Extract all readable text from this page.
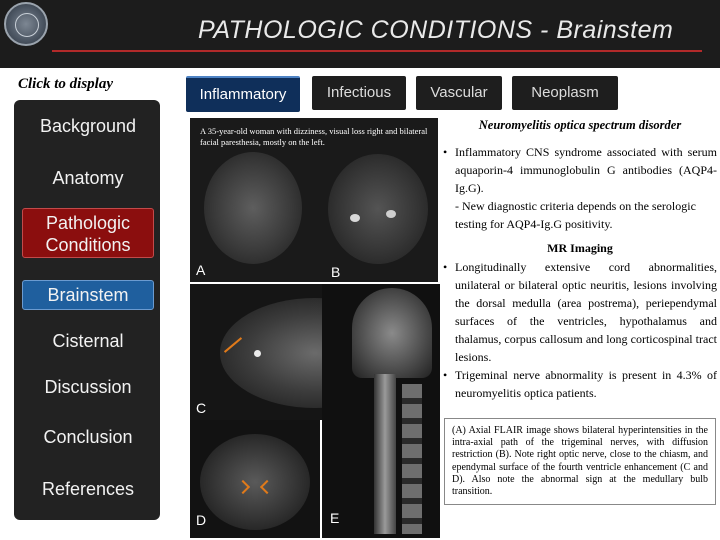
PATHOLOGIC CONDITIONS - Brainstem
Click to display
Background
Anatomy
Pathologic Conditions
Brainstem
Cisternal
Discussion
Conclusion
References
Inflammatory	Infectious	Vascular	Neoplasm
A 35-year-old woman with dizziness, visual loss right and bilateral facial paresthesia, mostly on the left.
A	B
C
D	E
Neuromyelitis optica spectrum disorder
• Inflammatory CNS syndrome associated with serum aquaporin-4 immunoglobulin G antibodies (AQP4-Ig.G).
- New diagnostic criteria depends on the serologic testing for AQP4-Ig.G positivity.
MR Imaging
• Longitudinally extensive cord abnormalities, unilateral or bilateral optic neuritis, lesions involving the dorsal medulla (area postrema), periependymal surfaces of the ventricles, hypothalamus and thalamus, corpus callosum and long corticospinal tract lesions.
• Trigeminal nerve abnormality is present in 4.3% of neuromyelitis optica patients.
(A) Axial FLAIR image shows bilateral hyperintensities in the intra-axial path of the trigeminal nerves, with diffusion restriction (B). Note right optic nerve, close to the chiasm, and ependymal surface of the fourth ventricle enhancement (C and D). Also note the abnormal sign at the medullary bulb transition.
